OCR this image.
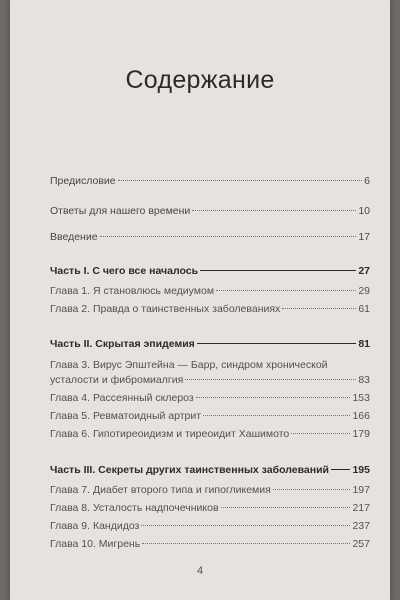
Содержание
Предисловие	6
Ответы для нашего времени	10
Введение	17
Часть I. С чего все началось	27
Глава 1. Я становлюсь медиумом	29
Глава 2. Правда о таинственных заболеваниях	61
Часть II. Скрытая эпидемия	81
Глава 3. Вирус Эпштейна — Барр, синдром хронической
усталости и фибромиалгия	83
Глава 4. Рассеянный склероз	153
Глава 5. Ревматоидный артрит	166
Глава 6. Гипотиреоидизм и тиреоидит Хашимото	179
Часть III. Секреты других таинственных заболеваний 195
Глава 7. Диабет второго типа и гипогликемия	197
Глава 8. Усталость надпочечников	217
Глава 9. Кандидоз	237
Глава 10. Мигрень	257
4
